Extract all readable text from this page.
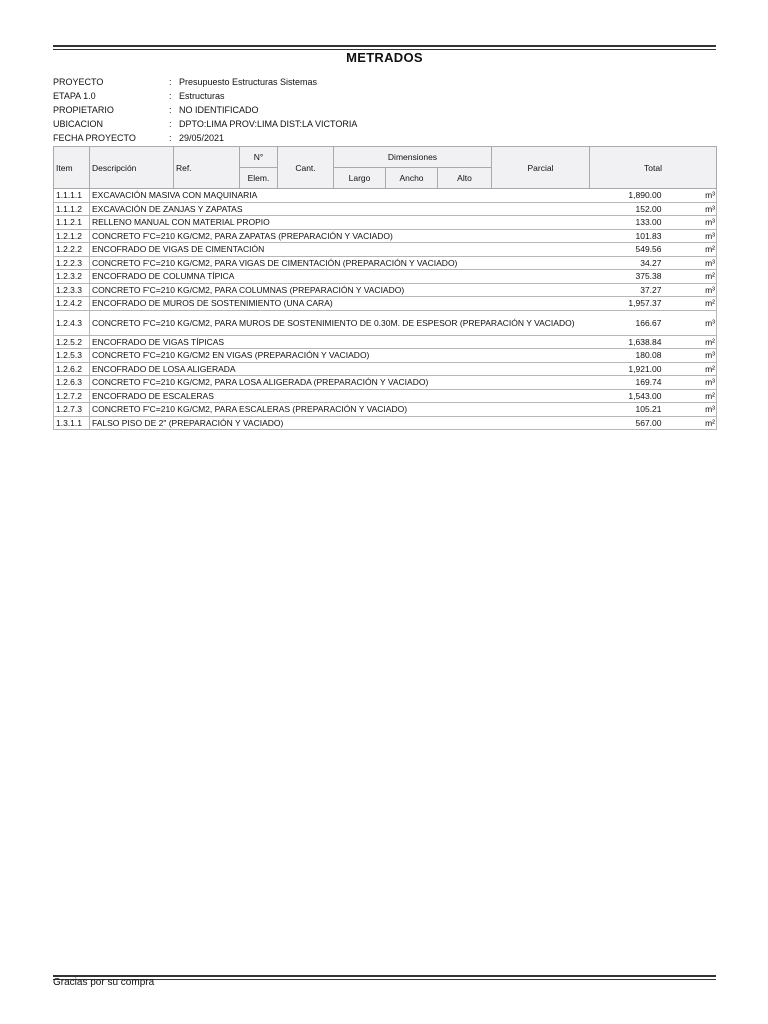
METRADOS
PROYECTO	: Presupuesto Estructuras Sistemas
ETAPA 1.0	: Estructuras
PROPIETARIO	: NO IDENTIFICADO
UBICACION	: DPTO:LIMA PROV:LIMA DIST:LA VICTORIA
FECHA PROYECTO	: 29/05/2021
Item	Descripción	Ref.	N°	Cant.	Dimensiones			Parcial	Total	
			Elem.		Largo	Ancho	Alto			
1.1.1.1	EXCAVACIÓN MASIVA CON MAQUINARIA								1,890.00	m³
1.1.1.2	EXCAVACIÓN DE ZANJAS Y ZAPATAS								152.00	m³
1.1.2.1	RELLENO MANUAL CON MATERIAL PROPIO								133.00	m³
1.2.1.2	CONCRETO F'C=210 KG/CM2, PARA ZAPATAS (PREPARACIÓN Y VACIADO)								101.83	m³
1.2.2.2	ENCOFRADO DE VIGAS DE CIMENTACIÓN								549.56	m²
1.2.2.3	CONCRETO F'C=210 KG/CM2, PARA VIGAS DE CIMENTACIÓN (PREPARACIÓN Y VACIADO)								34.27	m³
1.2.3.2	ENCOFRADO DE COLUMNA TÍPICA								375.38	m²
1.2.3.3	CONCRETO F'C=210 KG/CM2, PARA COLUMNAS (PREPARACIÓN Y VACIADO)								37.27	m³
1.2.4.2	ENCOFRADO DE MUROS DE SOSTENIMIENTO (UNA CARA)								1,957.37	m²
1.2.4.3	CONCRETO F'C=210 KG/CM2, PARA MUROS DE SOSTENIMIENTO DE 0.30M. DE ESPESOR (PREPARACIÓN Y VACIADO)								166.67	m³
1.2.5.2	ENCOFRADO DE VIGAS TÍPICAS								1,638.84	m²
1.2.5.3	CONCRETO F'C=210 KG/CM2 EN VIGAS (PREPARACIÓN Y VACIADO)								180.08	m³
1.2.6.2	ENCOFRADO DE LOSA ALIGERADA								1,921.00	m²
1.2.6.3	CONCRETO F'C=210 KG/CM2, PARA LOSA ALIGERADA (PREPARACIÓN Y VACIADO)								169.74	m³
1.2.7.2	ENCOFRADO DE ESCALERAS								1,543.00	m²
1.2.7.3	CONCRETO F'C=210 KG/CM2, PARA ESCALERAS (PREPARACIÓN Y VACIADO)								105.21	m³
1.3.1.1	FALSO PISO DE 2" (PREPARACIÓN Y VACIADO)								567.00	m²
Gracias por su compra
